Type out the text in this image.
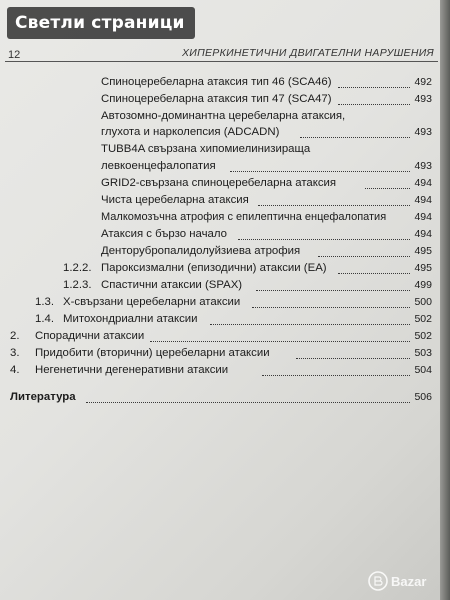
12	ХИПЕРКИНЕТИЧНИ ДВИГАТЕЛНИ НАРУШЕНИЯ
Спиноцеребеларна атаксия тип 46 (SCA46)	492
Спиноцеребеларна атаксия тип 47 (SCA47)	493
Автозомно-доминантна церебеларна атаксия,
глухота и нарколепсия (ADCADN)	493
TUBB4A свързана хипомиелинизираща
левкоенцефалопатия	493
GRID2-свързана спиноцеребеларна атаксия	494
Чиста церебеларна атаксия	494
Малкомозъчна атрофия с епилептична енцефалопатия	494
Атаксия с бързо начало	494
Денторубропалидолуйзиева атрофия	495
1.2.2. Пароксизмални (епизодични) атаксии (ЕА)	495
1.2.3. Спастични атаксии (SPAX)	499
1.3. X-свързани церебеларни атаксии	500
1.4. Митохондриални атаксии	502
2. Спорадични атаксии	502
3. Придобити (вторични) церебеларни атаксии	503
4. Негенетични дегенеративни атаксии	504
Литература	506
Bazar
Светли страници
